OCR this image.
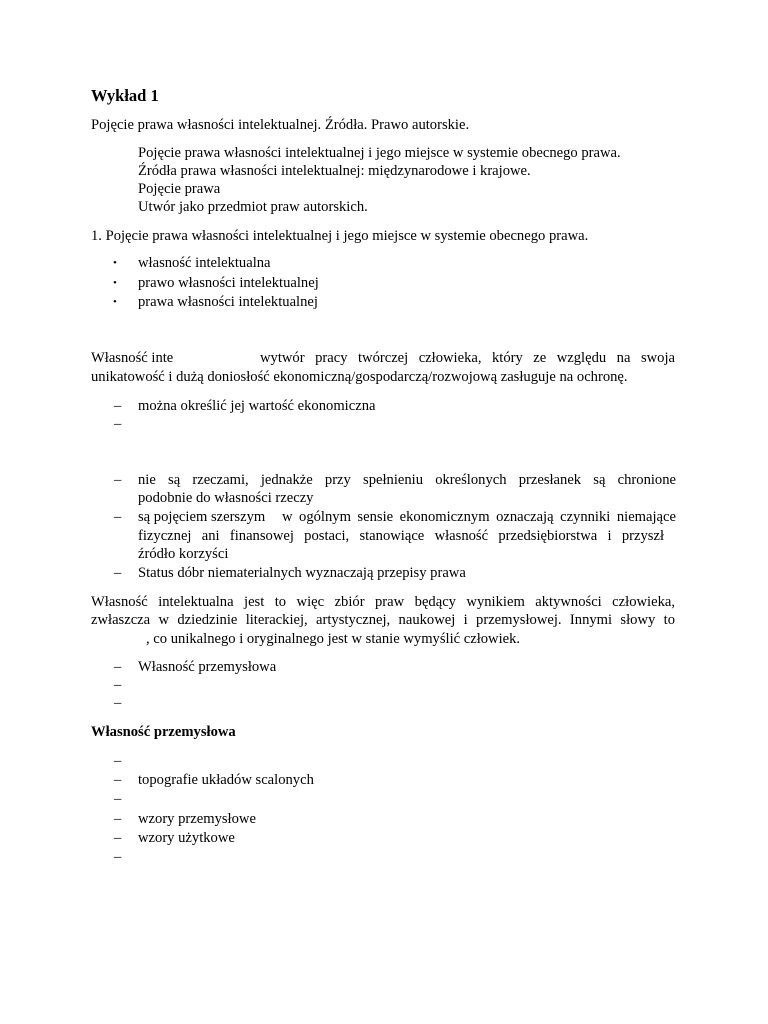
Wykład 1
Pojęcie prawa własności intelektualnej. Źródła. Prawo autorskie.
Pojęcie prawa własności intelektualnej i jego miejsce w systemie obecnego prawa.
Źródła prawa własności intelektualnej: międzynarodowe i krajowe.
Pojęcie prawa
Utwór jako przedmiot praw autorskich.
1. Pojęcie prawa własności intelektualnej i jego miejsce w systemie obecnego prawa.
• własność intelektualna
• prawo własności intelektualnej
• prawa własności intelektualnej
Własność inte	wytwór pracy twórczej człowieka, który ze względu na swoja
unikatowość i dużą doniosłość ekonomiczną/gospodarczą/rozwojową zasługuje na ochronę.
– można określić jej wartość ekonomiczna
–
– nie są rzeczami, jednakże przy spełnieniu określonych przesłanek są chronione
podobnie do własności rzeczy
– są pojęciem szerszym w ogólnym sensie ekonomicznym oznaczają czynniki niemające
fizycznej ani finansowej postaci, stanowiące własność przedsiębiorstwa i przyszł
źródło korzyści
– Status dóbr niematerialnych wyznaczają przepisy prawa
Własność intelektualna jest to więc zbiór praw będący wynikiem aktywności człowieka,
zwłaszcza w dziedzinie literackiej, artystycznej, naukowej i przemysłowej. Innymi słowy to
, co unikalnego i oryginalnego jest w stanie wymyślić człowiek.
– Własność przemysłowa
–
–
Własność przemysłowa
–
– topografie układów scalonych
–
– wzory przemysłowe
– wzory użytkowe
–
